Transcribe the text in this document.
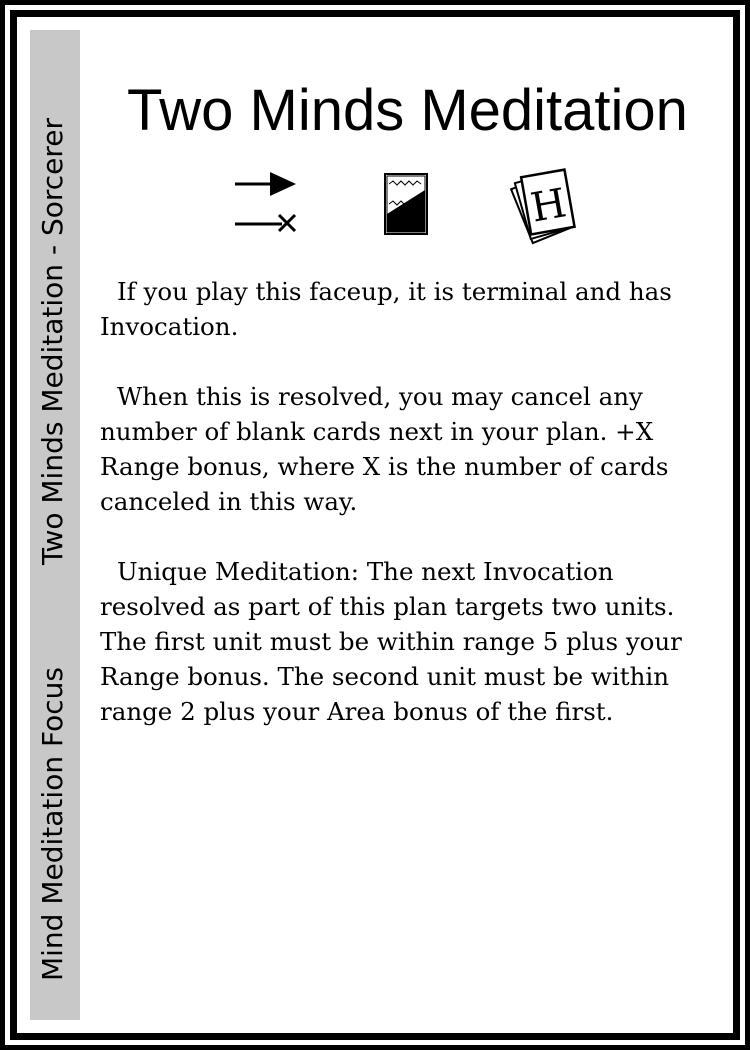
Two Minds Meditation - Sorcerer
Mind Meditation Focus
Two Minds Meditation
H

If you play this faceup, it is terminal and has Invocation.

When this is resolved, you may cancel any number of blank cards next in your plan. +X Range bonus, where X is the number of cards canceled in this way.

Unique Meditation: The next Invocation resolved as part of this plan targets two units. The first unit must be within range 5 plus your Range bonus. The second unit must be within range 2 plus your Area bonus of the first.
